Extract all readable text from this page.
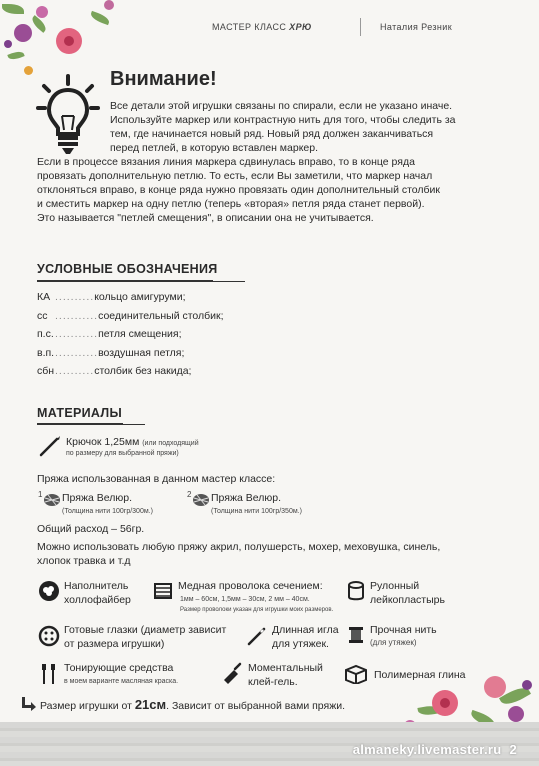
МАСТЕР КЛАСС ХРЮ	Наталия Резник
Внимание!
Все детали этой игрушки связаны по спирали, если не указано иначе.
Используйте маркер или контрастную нить для того, чтобы следить за
тем, где начинается новый ряд. Новый ряд должен заканчиваться
перед петлей, в которую вставлен маркер.
Если в процессе вязания линия маркера сдвинулась вправо, то в конце ряда
провязать дополнительную петлю. То есть, если Вы заметили, что маркер начал
отклоняться вправо, в конце ряда нужно провязать один дополнительный столбик
и сместить маркер на одну петлю (теперь «вторая» петля ряда станет первой).
Это называется "петлей смещения", в описании она не учитывается.
УСЛОВНЫЕ ОБОЗНАЧЕНИЯ
КА ..........кольцо амигуруми;
сс ...........соединительный столбик;
п.с............петля смещения;
в.п............воздушная петля;
сбн..........столбик без накида;
МАТЕРИАЛЫ
Крючок 1,25мм (или подходящий
по размеру для выбранной пряжи)
Пряжа использованная в данном мастер классе:
1 Пряжа Велюр.
(Толщина нити 100гр/300м.)
2 Пряжа Велюр.
(Толщина нити 100гр/350м.)
Общий расход – 56гр.
Можно использовать любую пряжу акрил, полушерсть, мохер, меховушка, синель,
хлопок травка и т.д
Наполнитель
холлофайбер
Медная проволока сечением:
1мм – 60см, 1,5мм – 30см, 2 мм – 40см.
Размер проволоки указан для игрушки моих размеров.
Рулонный
лейкопластырь
Готовые глазки (диаметр зависит
от размера игрушки)
Длинная игла
для утяжек.
Прочная нить
(для утяжек)
Тонирующие средства
в моем варианте масляная краска.
Моментальный
клей-гель.
Полимерная глина
Размер игрушки от 21см. Зависит от выбранной вами пряжи.
almaneky.livemaster.ru 2
